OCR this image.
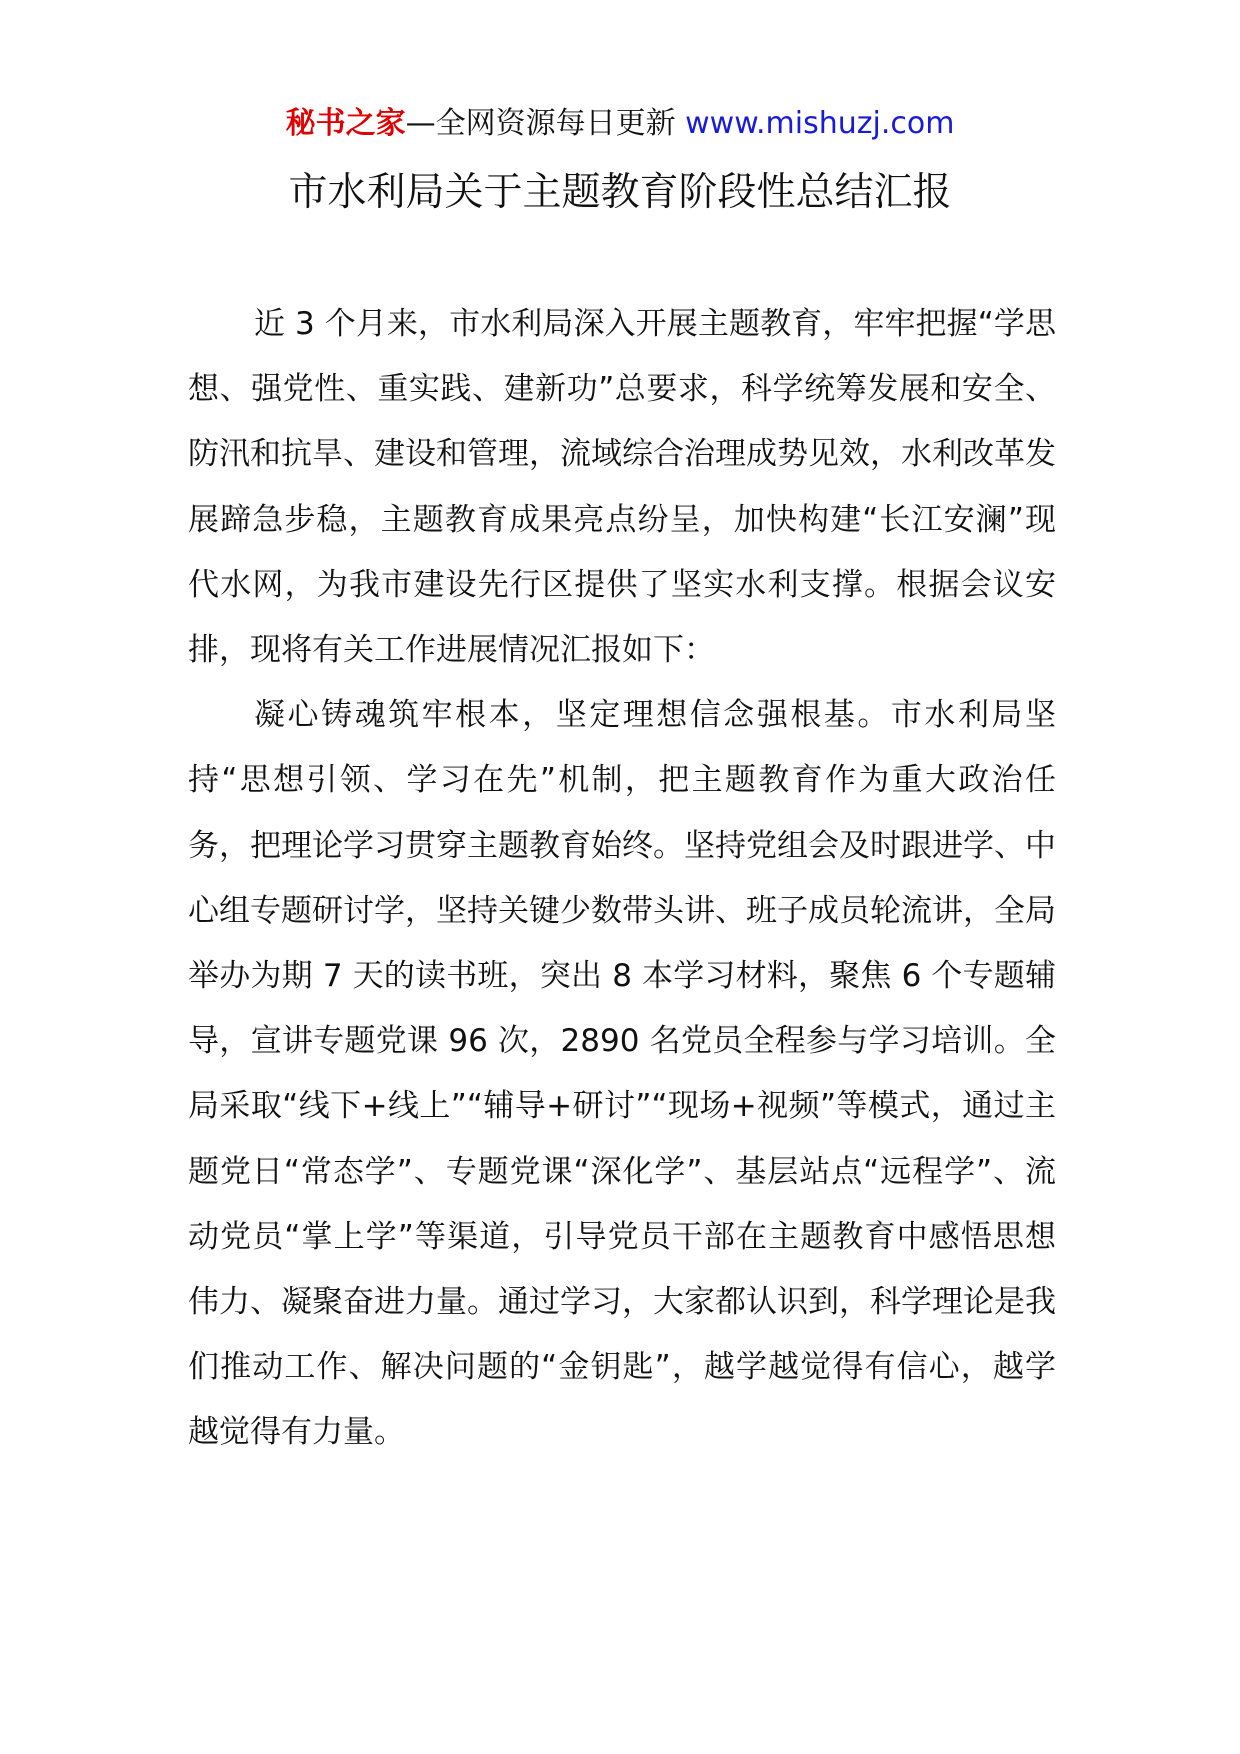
秘书之家—全网资源每日更新 www.mishuzj.com
市水利局关于主题教育阶段性总结汇报

近 3 个月来，市水利局深入开展主题教育，牢牢把握“学思想、强党性、重实践、建新功”总要求，科学统筹发展和安全、防汛和抗旱、建设和管理，流域综合治理成势见效，水利改革发展蹄急步稳，主题教育成果亮点纷呈，加快构建“长江安澜”现代水网，为我市建设先行区提供了坚实水利支撑。根据会议安排，现将有关工作进展情况汇报如下：

凝心铸魂筑牢根本，坚定理想信念强根基。市水利局坚持“思想引领、学习在先”机制，把主题教育作为重大政治任务，把理论学习贯穿主题教育始终。坚持党组会及时跟进学、中心组专题研讨学，坚持关键少数带头讲、班子成员轮流讲，全局举办为期 7 天的读书班，突出 8 本学习材料，聚焦 6 个专题辅导，宣讲专题党课 96 次，2890 名党员全程参与学习培训。全局采取“线下+线上”“辅导+研讨”“现场+视频”等模式，通过主题党日“常态学”、专题党课“深化学”、基层站点“远程学”、流动党员“掌上学”等渠道，引导党员干部在主题教育中感悟思想伟力、凝聚奋进力量。通过学习，大家都认识到，科学理论是我们推动工作、解决问题的“金钥匙”，越学越觉得有信心，越学越觉得有力量。
